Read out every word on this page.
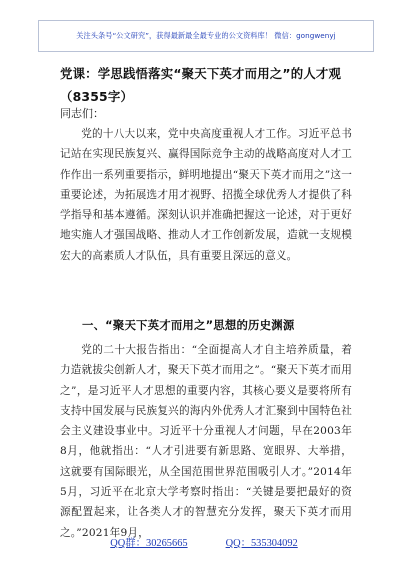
关注头条号“公文研究”，获得最新最全最专业的公文资料库！ 微信：gongwenyj
党课：学思践悟落实“聚天下英才而用之”的人才观
（8355字）
同志们：

党的十八大以来，党中央高度重视人才工作。习近平总书记站在实现民族复兴、赢得国际竞争主动的战略高度对人才工作作出一系列重要指示，鲜明地提出“聚天下英才而用之”这一重要论述，为拓展选才用才视野、招揽全球优秀人才提供了科学指导和基本遵循。深刻认识并准确把握这一论述，对于更好地实施人才强国战略、推动人才工作创新发展，造就一支规模宏大的高素质人才队伍，具有重要且深远的意义。

一、“聚天下英才而用之”思想的历史渊源

党的二十大报告指出：“全面提高人才自主培养质量，着力造就拔尖创新人才，聚天下英才而用之”。“聚天下英才而用之”，是习近平人才思想的重要内容，其核心要义是要将所有支持中国发展与民族复兴的海内外优秀人才汇聚到中国特色社会主义建设事业中。习近平十分重视人才问题，早在2003年8月，他就指出：“人才引进要有新思路、宽眼界、大举措，这就要有国际眼光，从全国范围世界范围吸引人才。”2014年5月，习近平在北京大学考察时指出：“关键是要把最好的资源配置起来，让各类人才的智慧充分发挥，聚天下英才而用之。”2021年9月，

QQ群：30265665	QQ：535304092
